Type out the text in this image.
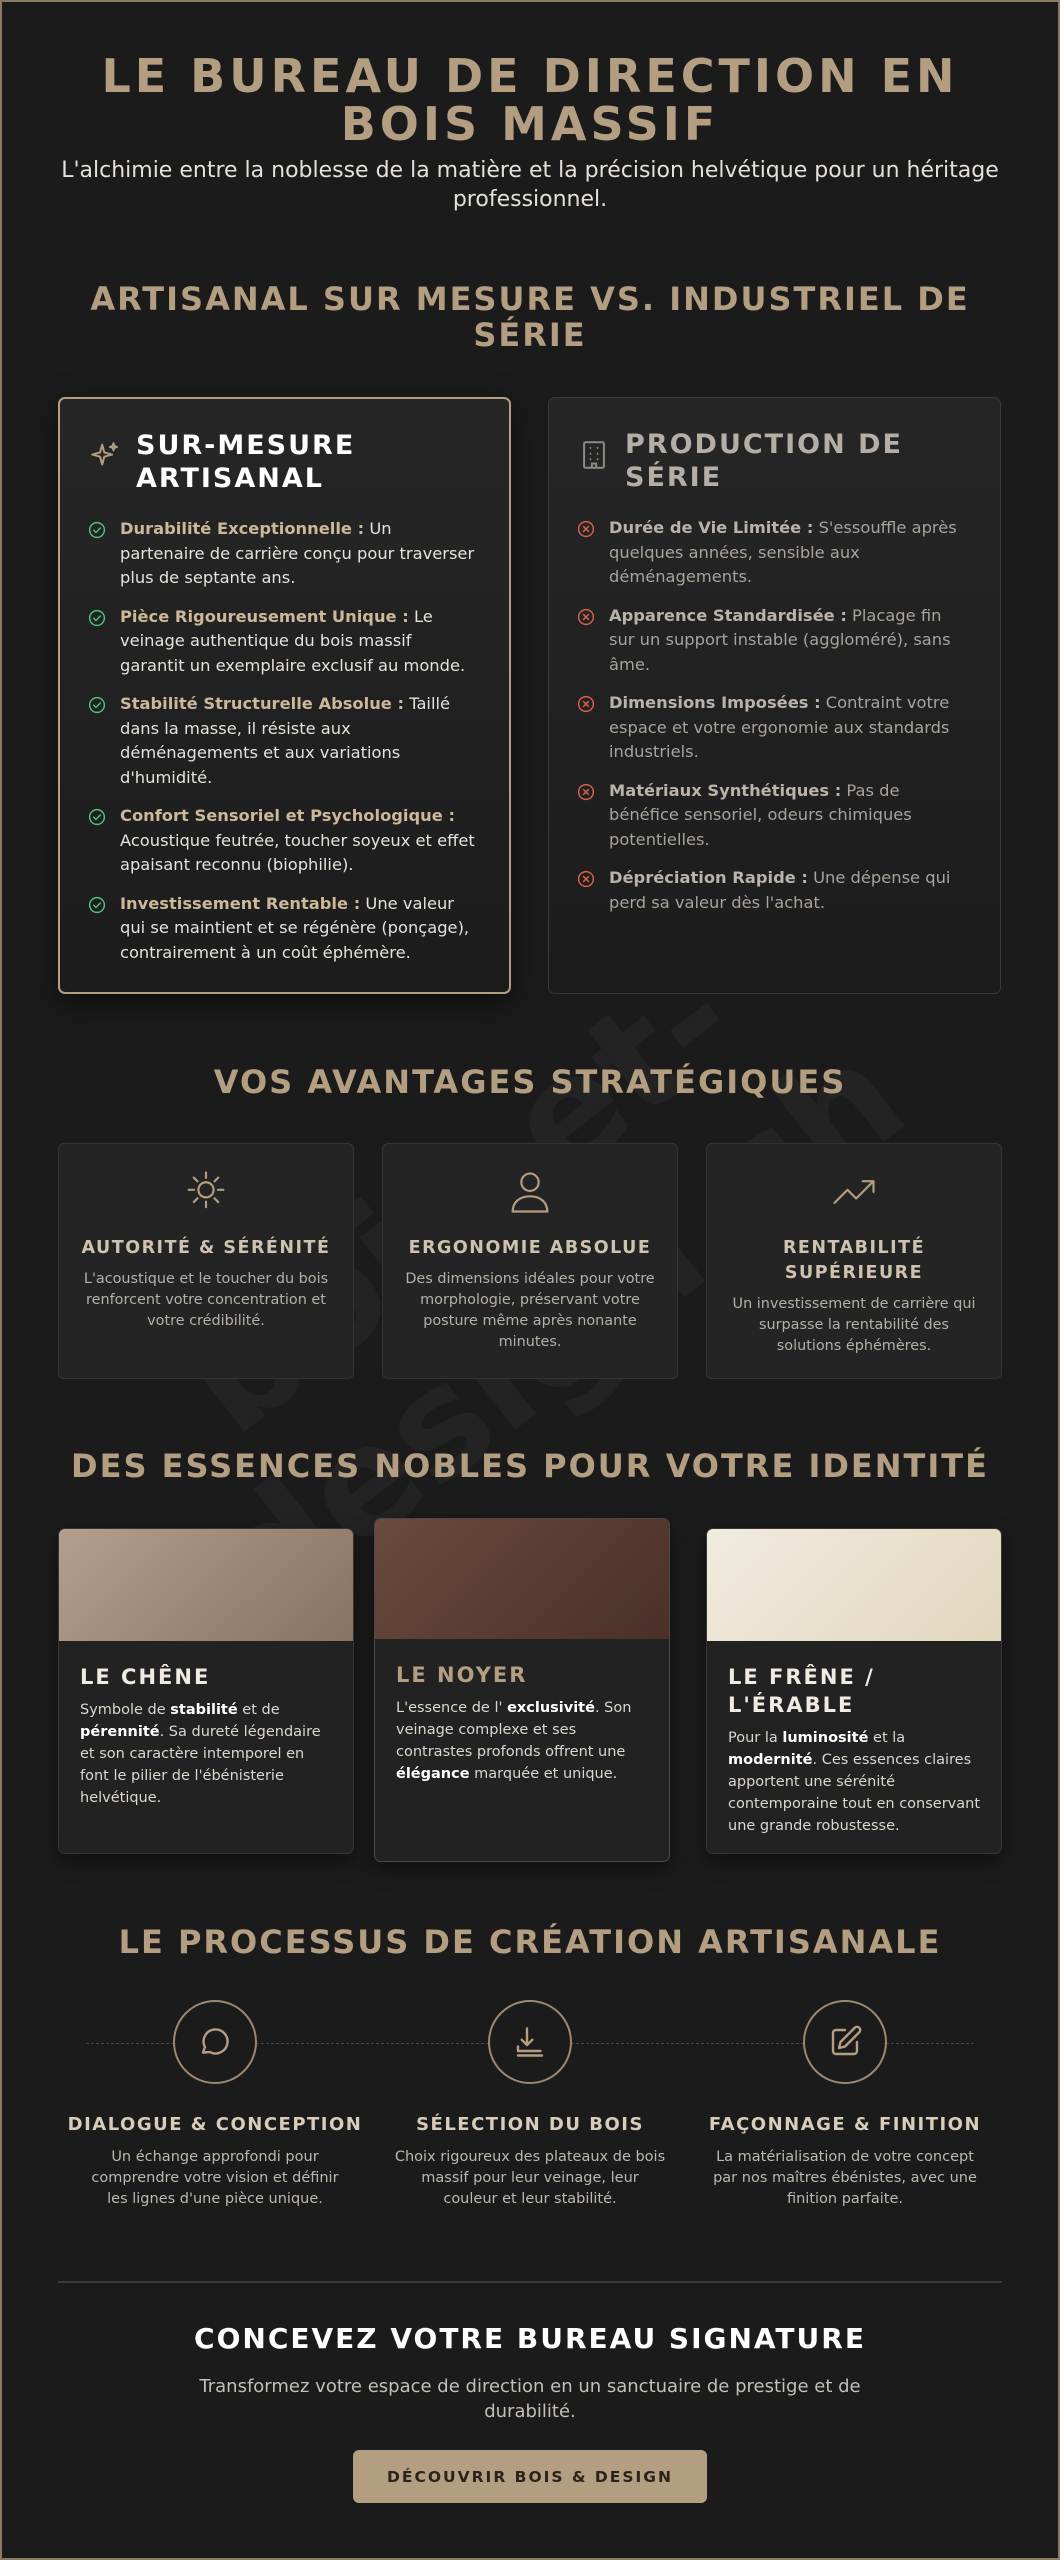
LE BUREAU DE DIRECTION EN BOIS MASSIF

L'alchimie entre la noblesse de la matière et la précision helvétique pour un héritage professionnel.

ARTISANAL SUR MESURE VS. INDUSTRIEL DE SÉRIE
SUR-MESURE ARTISANAL
Durabilité Exceptionnelle : Un partenaire de carrière conçu pour traverser plus de septante ans.
Pièce Rigoureusement Unique : Le veinage authentique du bois massif garantit un exemplaire exclusif au monde.
Stabilité Structurelle Absolue : Taillé dans la masse, il résiste aux déménagements et aux variations d'humidité.
Confort Sensoriel et Psychologique : Acoustique feutrée, toucher soyeux et effet apaisant reconnu (biophilie).
Investissement Rentable : Une valeur qui se maintient et se régénère (ponçage), contrairement à un coût éphémère.
PRODUCTION DE SÉRIE
Durée de Vie Limitée : S'essouffle après quelques années, sensible aux déménagements.
Apparence Standardisée : Placage fin sur un support instable (aggloméré), sans âme.
Dimensions Imposées : Contraint votre espace et votre ergonomie aux standards industriels.
Matériaux Synthétiques : Pas de bénéfice sensoriel, odeurs chimiques potentielles.
Dépréciation Rapide : Une dépense qui perd sa valeur dès l'achat.
VOS AVANTAGES STRATÉGIQUES
AUTORITÉ & SÉRÉNITÉ
L'acoustique et le toucher du bois renforcent votre concentration et votre crédibilité.
ERGONOMIE ABSOLUE
Des dimensions idéales pour votre morphologie, préservant votre posture même après nonante minutes.
RENTABILITÉ SUPÉRIEURE
Un investissement de carrière qui surpasse la rentabilité des solutions éphémères.
DES ESSENCES NOBLES POUR VOTRE IDENTITÉ
LE CHÊNE
Symbole de stabilité et de pérennité. Sa dureté légendaire et son caractère intemporel en font le pilier de l'ébénisterie helvétique.
LE NOYER
L'essence de l' exclusivité. Son veinage complexe et ses contrastes profonds offrent une élégance marquée et unique.
LE FRÊNE / L'ÉRABLE
Pour la luminosité et la modernité. Ces essences claires apportent une sérénité contemporaine tout en conservant une grande robustesse.
LE PROCESSUS DE CRÉATION ARTISANALE
DIALOGUE & CONCEPTION
Un échange approfondi pour comprendre votre vision et définir les lignes d'une pièce unique.
SÉLECTION DU BOIS
Choix rigoureux des plateaux de bois massif pour leur veinage, leur couleur et leur stabilité.
FAÇONNAGE & FINITION
La matérialisation de votre concept par nos maîtres ébénistes, avec une finition parfaite.
CONCEVEZ VOTRE BUREAU SIGNATURE

Transformez votre espace de direction en un sanctuaire de prestige et de durabilité.

DÉCOUVRIR BOIS & DESIGN
